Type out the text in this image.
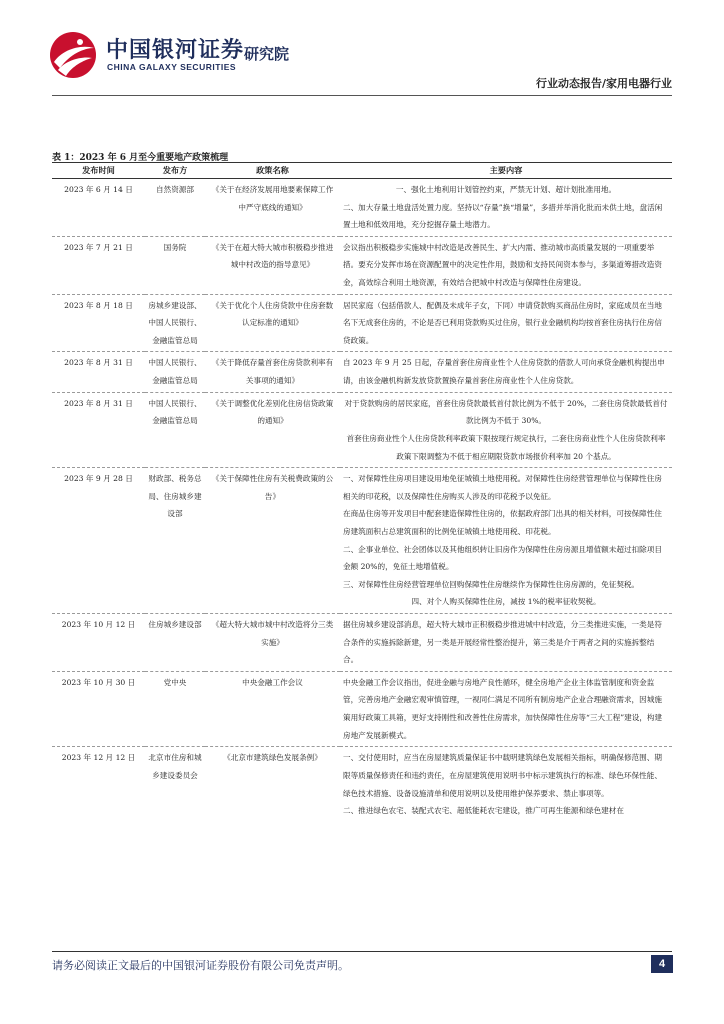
中国银河证券
CHINA GALAXY SECURITIES
研究院
行业动态报告/家用电器行业
表 1：2023 年 6 月至今重要地产政策梳理
发布时间	发布方	政策名称	主要内容
2023 年 6 月 14 日	自然资源部	《关于在经济发展用地要素保障工作中严守底线的通知》	一、强化土地利用计划管控约束，严禁无计划、超计划批准用地。
二、加大存量土地盘活处置力度。坚持以“存量”换“增量”，多措并举消化批而未供土地，盘活闲置土地和低效用地，充分挖掘存量土地潜力。

2023 年 7 月 21 日	国务院	《关于在超大特大城市积极稳步推进城中村改造的指导意见》	会议指出积极稳步实施城中村改造是改善民生、扩大内需、推动城市高质量发展的一项重要举措。要充分发挥市场在资源配置中的决定性作用，鼓励和支持民间资本参与，多渠道筹措改造资金，高效综合利用土地资源，有效结合把城中村改造与保障性住房建设。

2023 年 8 月 18 日	房城乡建设部、中国人民银行、金融监管总局	《关于优化个人住房贷款中住房套数认定标准的通知》	居民家庭（包括借款人、配偶及未成年子女，下同）申请贷款购买商品住房时，家庭成员在当地名下无成套住房的，不论是否已利用贷款购买过住房，银行业金融机构均按首套住房执行住房信贷政策。

2023 年 8 月 31 日	中国人民银行、金融监管总局	《关于降低存量首套住房贷款利率有关事项的通知》	自 2023 年 9 月 25 日起，存量首套住房商业性个人住房贷款的借款人可向承贷金融机构提出申请，由该金融机构新发放贷款置换存量首套住房商业性个人住房贷款。

2023 年 8 月 31 日	中国人民银行、金融监管总局	《关于调整优化差别化住房信贷政策的通知》	对于贷款购房的居民家庭，首套住房贷款最低首付款比例为不低于 20%，二套住房贷款最低首付款比例为不低于 30%。
首套住房商业性个人住房贷款利率政策下限按现行规定执行，二套住房商业性个人住房贷款利率政策下限调整为不低于相应期限贷款市场报价利率加 20 个基点。

2023 年 9 月 28 日	财政部、税务总局、住房城乡建设部	《关于保障性住房有关税费政策的公告》	一、对保障性住房项目建设用地免征城镇土地使用税。对保障性住房经营管理单位与保障性住房相关的印花税，以及保障性住房购买人涉及的印花税予以免征。
在商品住房等开发项目中配套建造保障性住房的，依据政府部门出具的相关材料，可按保障性住房建筑面积占总建筑面积的比例免征城镇土地使用税、印花税。
二、企事业单位、社会团体以及其他组织转让旧房作为保障性住房房源且增值额未超过扣除项目金额 20%的，免征土地增值税。
三、对保障性住房经营管理单位回购保障性住房继续作为保障性住房房源的，免征契税。
四、对个人购买保障性住房，减按 1%的税率征收契税。

2023 年 10 月 12 日	住房城乡建设部	《超大特大城市城中村改造将分三类实施》	据住房城乡建设部消息，超大特大城市正积极稳步推进城中村改造，分三类推进实施，一类是符合条件的实施拆除新建，另一类是开展经常性整治提升，第三类是介于两者之间的实施拆整结合。

2023 年 10 月 30 日	党中央	中央金融工作会议	中央金融工作会议指出，促进金融与房地产良性循环，健全房地产企业主体监管制度和资金监管，完善房地产金融宏观审慎管理，一视同仁满足不同所有制房地产企业合理融资需求，因城施策用好政策工具箱，更好支持刚性和改善性住房需求，加快保障性住房等“三大工程”建设，构建房地产发展新模式。

2023 年 12 月 12 日	北京市住房和城乡建设委员会	《北京市建筑绿色发展条例》	一、交付使用时，应当在房屋建筑质量保证书中载明建筑绿色发展相关指标，明确保修范围、期限等质量保修责任和违约责任，在房屋建筑使用说明书中标示建筑执行的标准、绿色环保性能、绿色技术措施、设备设施清单和使用说明以及使用维护保养要求、禁止事项等。
二、推进绿色农宅、装配式农宅、超低能耗农宅建设，推广可再生能源和绿色建材在
请务必阅读正文最后的中国银河证券股份有限公司免责声明。	4
